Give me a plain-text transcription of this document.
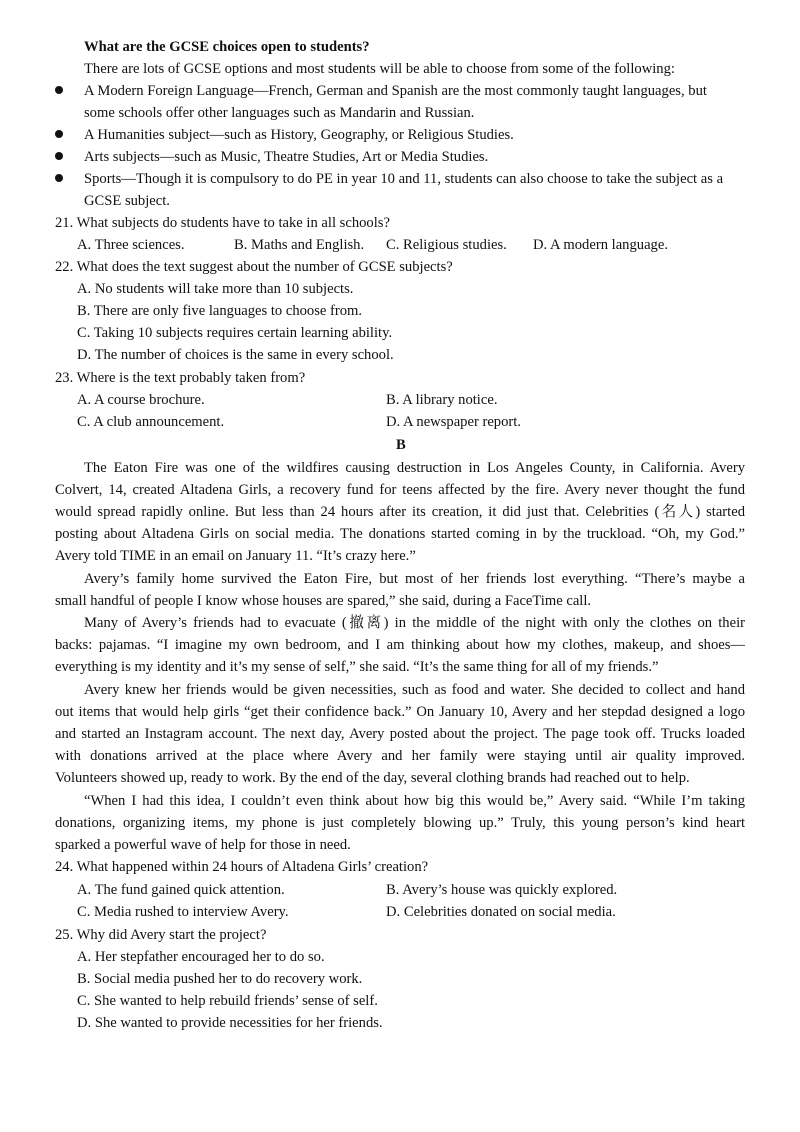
What are the GCSE choices open to students?
There are lots of GCSE options and most students will be able to choose from some of the following:
A Modern Foreign Language—French, German and Spanish are the most commonly taught languages, but
some schools offer other languages such as Mandarin and Russian.
A Humanities subject—such as History, Geography, or Religious Studies.
Arts subjects—such as Music, Theatre Studies, Art or Media Studies.
Sports—Though it is compulsory to do PE in year 10 and 11, students can also choose to take the subject as a
GCSE subject.
21. What subjects do students have to take in all schools?
A. Three sciences.	B. Maths and English. C. Religious studies. D. A modern language.
22. What does the text suggest about the number of GCSE subjects?
A. No students will take more than 10 subjects.
B. There are only five languages to choose from.
C. Taking 10 subjects requires certain learning ability.
D. The number of choices is the same in every school.
23. Where is the text probably taken from?
A. A course brochure.	B. A library notice.
C. A club announcement.	D. A newspaper report.
B
The Eaton Fire was one of the wildfires causing destruction in Los Angeles County, in California. Avery
Colvert, 14, created Altadena Girls, a recovery fund for teens affected by the fire. Avery never thought the fund
would spread rapidly online. But less than 24 hours after its creation, it did just that. Celebrities (名人) started
posting about Altadena Girls on social media. The donations started coming in by the truckload. “Oh, my God.”
Avery told TIME in an email on January 11. “It’s crazy here.”
Avery’s family home survived the Eaton Fire, but most of her friends lost everything. “There’s maybe a
small handful of people I know whose houses are spared,” she said, during a FaceTime call.
Many of Avery’s friends had to evacuate (撤离) in the middle of the night with only the clothes on their
backs: pajamas. “I imagine my own bedroom, and I am thinking about how my clothes, makeup, and shoes—
everything is my identity and it’s my sense of self,” she said. “It’s the same thing for all of my friends.”
Avery knew her friends would be given necessities, such as food and water. She decided to collect and hand
out items that would help girls “get their confidence back.” On January 10, Avery and her stepdad designed a logo
and started an Instagram account. The next day, Avery posted about the project. The page took off. Trucks loaded
with donations arrived at the place where Avery and her family were staying until air quality improved.
Volunteers showed up, ready to work. By the end of the day, several clothing brands had reached out to help.
“When I had this idea, I couldn’t even think about how big this would be,” Avery said. “While I’m taking
donations, organizing items, my phone is just completely blowing up.” Truly, this young person’s kind heart
sparked a powerful wave of help for those in need.
24. What happened within 24 hours of Altadena Girls’ creation?
A. The fund gained quick attention.	B. Avery’s house was quickly explored.
C. Media rushed to interview Avery.	D. Celebrities donated on social media.
25. Why did Avery start the project?
A. Her stepfather encouraged her to do so.
B. Social media pushed her to do recovery work.
C. She wanted to help rebuild friends’ sense of self.
D. She wanted to provide necessities for her friends.
